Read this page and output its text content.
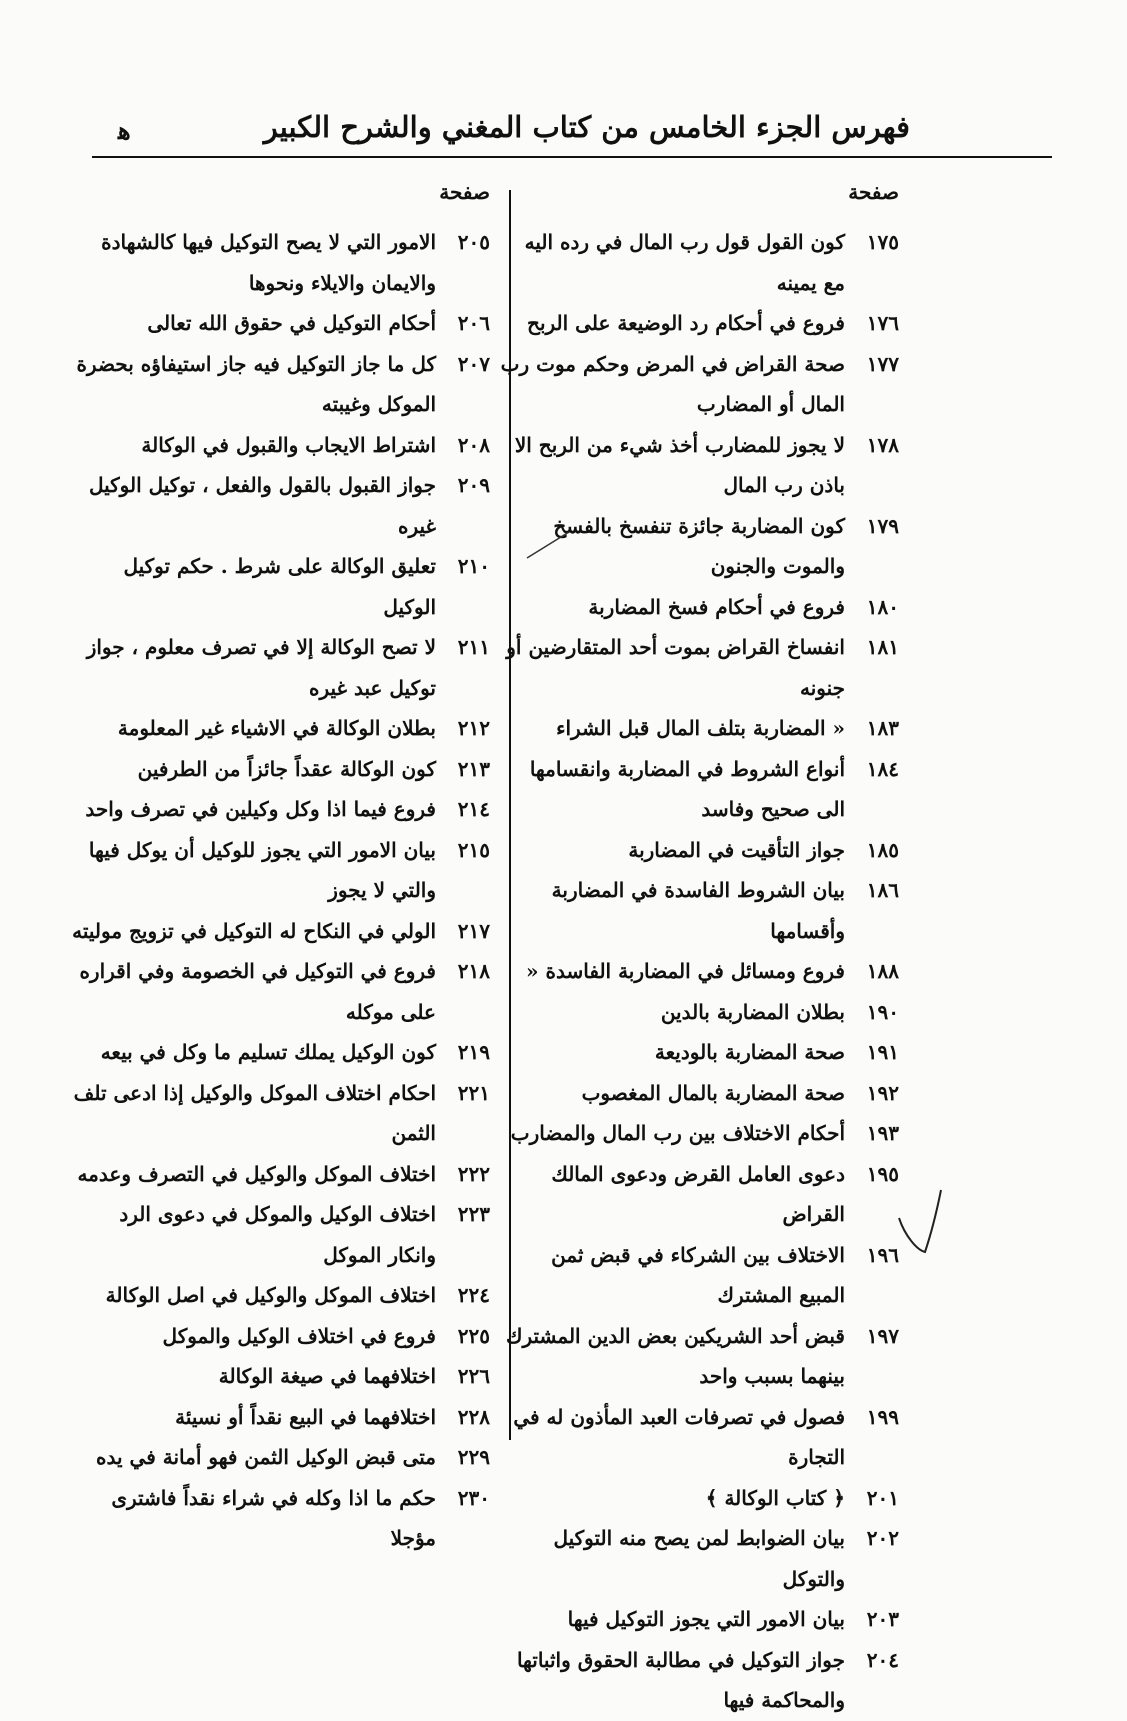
فهرس الجزء الخامس من كتاب المغني والشرح الكبير
ﻫ
صفحة
صفحة
١٧٥
كون القول قول رب المال في رده اليه مع يمينه
١٧٦
فروع في أحكام رد الوضيعة على الربح
١٧٧
صحة القراض في المرض وحكم موت رب المال أو المضارب
١٧٨
لا يجوز للمضارب أخذ شيء من الربح الا باذن رب المال
١٧٩
كون المضاربة جائزة تنفسخ بالفسخ والموت والجنون
١٨٠
فروع في أحكام فسخ المضاربة
١٨١
انفساخ القراض بموت أحد المتقارضين أو جنونه
١٨٣
« المضاربة بتلف المال قبل الشراء
١٨٤
أنواع الشروط في المضاربة وانقسامها الى صحيح وفاسد
١٨٥
جواز التأقيت في المضاربة
١٨٦
بيان الشروط الفاسدة في المضاربة وأقسامها
١٨٨
فروع ومسائل في المضاربة الفاسدة «
١٩٠
بطلان المضاربة بالدين
١٩١
صحة المضاربة بالوديعة
١٩٢
صحة المضاربة بالمال المغصوب
١٩٣
أحكام الاختلاف بين رب المال والمضارب
١٩٥
دعوى العامل القرض ودعوى المالك القراض
١٩٦
الاختلاف بين الشركاء في قبض ثمن المبيع المشترك
١٩٧
قبض أحد الشريكين بعض الدين المشترك بينهما بسبب واحد
١٩٩
فصول في تصرفات العبد المأذون له في التجارة
٢٠١
﴿ كتاب الوكالة ﴾
٢٠٢
بيان الضوابط لمن يصح منه التوكيل والتوكل
٢٠٣
بيان الامور التي يجوز التوكيل فيها
٢٠٤
جواز التوكيل في مطالبة الحقوق واثباتها والمحاكمة فيها
٢٠٥
الامور التي لا يصح التوكيل فيها كالشهادة والايمان والايلاء ونحوها
٢٠٦
أحكام التوكيل في حقوق الله تعالى
٢٠٧
كل ما جاز التوكيل فيه جاز استيفاؤه بحضرة الموكل وغيبته
٢٠٨
اشتراط الايجاب والقبول في الوكالة
٢٠٩
جواز القبول بالقول والفعل ، توكيل الوكيل غيره
٢١٠
تعليق الوكالة على شرط . حكم توكيل الوكيل
٢١١
لا تصح الوكالة إلا في تصرف معلوم ، جواز توكيل عبد غيره
٢١٢
بطلان الوكالة في الاشياء غير المعلومة
٢١٣
كون الوكالة عقداً جائزاً من الطرفين
٢١٤
فروع فيما اذا وكل وكيلين في تصرف واحد
٢١٥
بيان الامور التي يجوز للوكيل أن يوكل فيها والتي لا يجوز
٢١٧
الولي في النكاح له التوكيل في تزويج موليته
٢١٨
فروع في التوكيل في الخصومة وفي اقراره على موكله
٢١٩
كون الوكيل يملك تسليم ما وكل في بيعه
٢٢١
احكام اختلاف الموكل والوكيل إذا ادعى تلف الثمن
٢٢٢
اختلاف الموكل والوكيل في التصرف وعدمه
٢٢٣
اختلاف الوكيل والموكل في دعوى الرد وانكار الموكل
٢٢٤
اختلاف الموكل والوكيل في اصل الوكالة
٢٢٥
فروع في اختلاف الوكيل والموكل
٢٢٦
اختلافهما في صيغة الوكالة
٢٢٨
اختلافهما في البيع نقداً أو نسيئة
٢٢٩
متى قبض الوكيل الثمن فهو أمانة في يده
٢٣٠
حكم ما اذا وكله في شراء نقداً فاشترى مؤجلا
